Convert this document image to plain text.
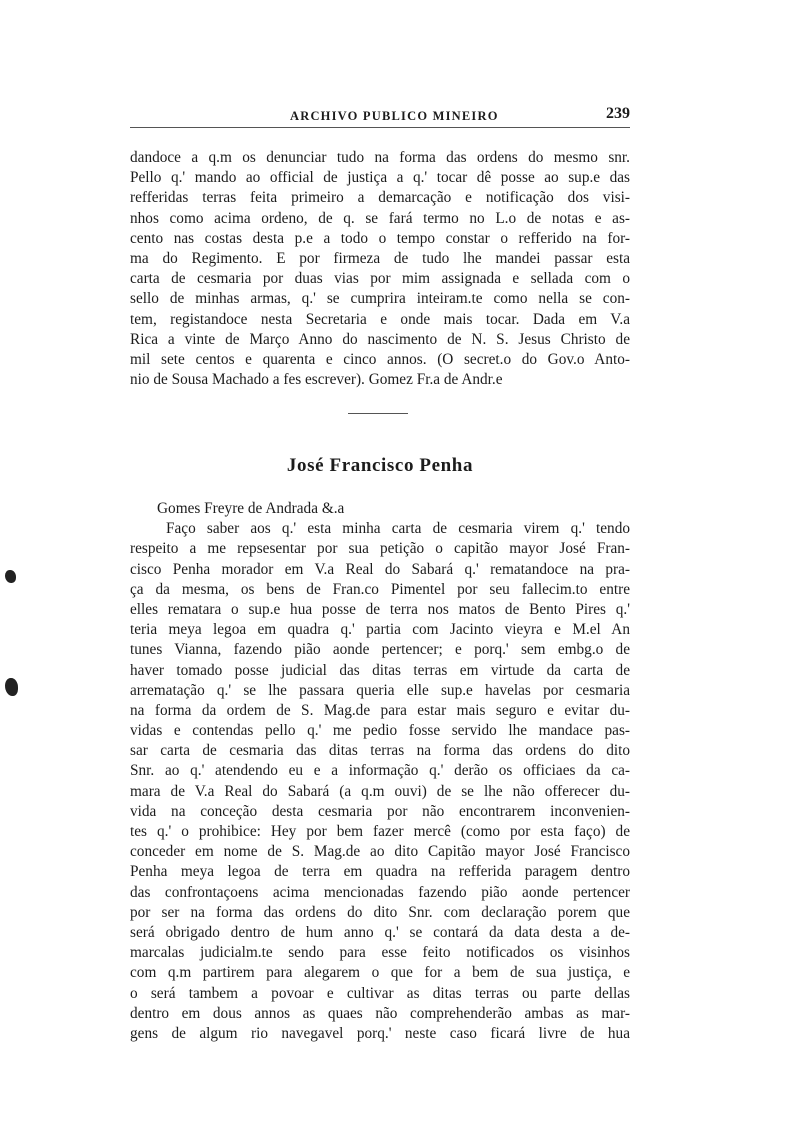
ARCHIVO PUBLICO MINEIRO	239
dandoce a q.m os denunciar tudo na forma das ordens do mesmo snr.
Pello q.' mando ao official de justiça a q.' tocar dê posse ao sup.e das
refferidas terras feita primeiro a demarcação e notificação dos visi-
nhos como acima ordeno, de q. se fará termo no L.o de notas e as-
cento nas costas desta p.e a todo o tempo constar o refferido na for-
ma do Regimento. E por firmeza de tudo lhe mandei passar esta
carta de cesmaria por duas vias por mim assignada e sellada com o
sello de minhas armas, q.' se cumprira inteiram.te como nella se con-
tem, registandoce nesta Secretaria e onde mais tocar. Dada em V.a
Rica a vinte de Março Anno do nascimento de N. S. Jesus Christo de
mil sete centos e quarenta e cinco annos. (O secret.o do Gov.o Anto-
nio de Sousa Machado a fes escrever). Gomez Fr.a de Andr.e
José Francisco Penha
Gomes Freyre de Andrada &.a
Faço saber aos q.' esta minha carta de cesmaria virem q.' tendo
respeito a me repsesentar por sua petição o capitão mayor José Fran-
cisco Penha morador em V.a Real do Sabará q.' rematandoce na pra-
ça da mesma, os bens de Fran.co Pimentel por seu fallecim.to entre
elles rematara o sup.e hua posse de terra nos matos de Bento Pires q.'
teria meya legoa em quadra q.' partia com Jacinto vieyra e M.el An
tunes Vianna, fazendo pião aonde pertencer; e porq.' sem embg.o de
haver tomado posse judicial das ditas terras em virtude da carta de
arrematação q.' se lhe passara queria elle sup.e havelas por cesmaria
na forma da ordem de S. Mag.de para estar mais seguro e evitar du-
vidas e contendas pello q.' me pedio fosse servido lhe mandace pas-
sar carta de cesmaria das ditas terras na forma das ordens do dito
Snr. ao q.' atendendo eu e a informação q.' derão os officiaes da ca-
mara de V.a Real do Sabará (a q.m ouvi) de se lhe não offerecer du-
vida na conceção desta cesmaria por não encontrarem inconvenien-
tes q.' o prohibice: Hey por bem fazer mercê (como por esta faço) de
conceder em nome de S. Mag.de ao dito Capitão mayor José Francisco
Penha meya legoa de terra em quadra na refferida paragem dentro
das confrontaçoens acima mencionadas fazendo pião aonde pertencer
por ser na forma das ordens do dito Snr. com declaração porem que
será obrigado dentro de hum anno q.' se contará da data desta a de-
marcalas judicialm.te sendo para esse feito notificados os visinhos
com q.m partirem para alegarem o que for a bem de sua justiça, e
o será tambem a povoar e cultivar as ditas terras ou parte dellas
dentro em dous annos as quaes não comprehenderão ambas as mar-
gens de algum rio navegavel porq.' neste caso ficará livre de hua
